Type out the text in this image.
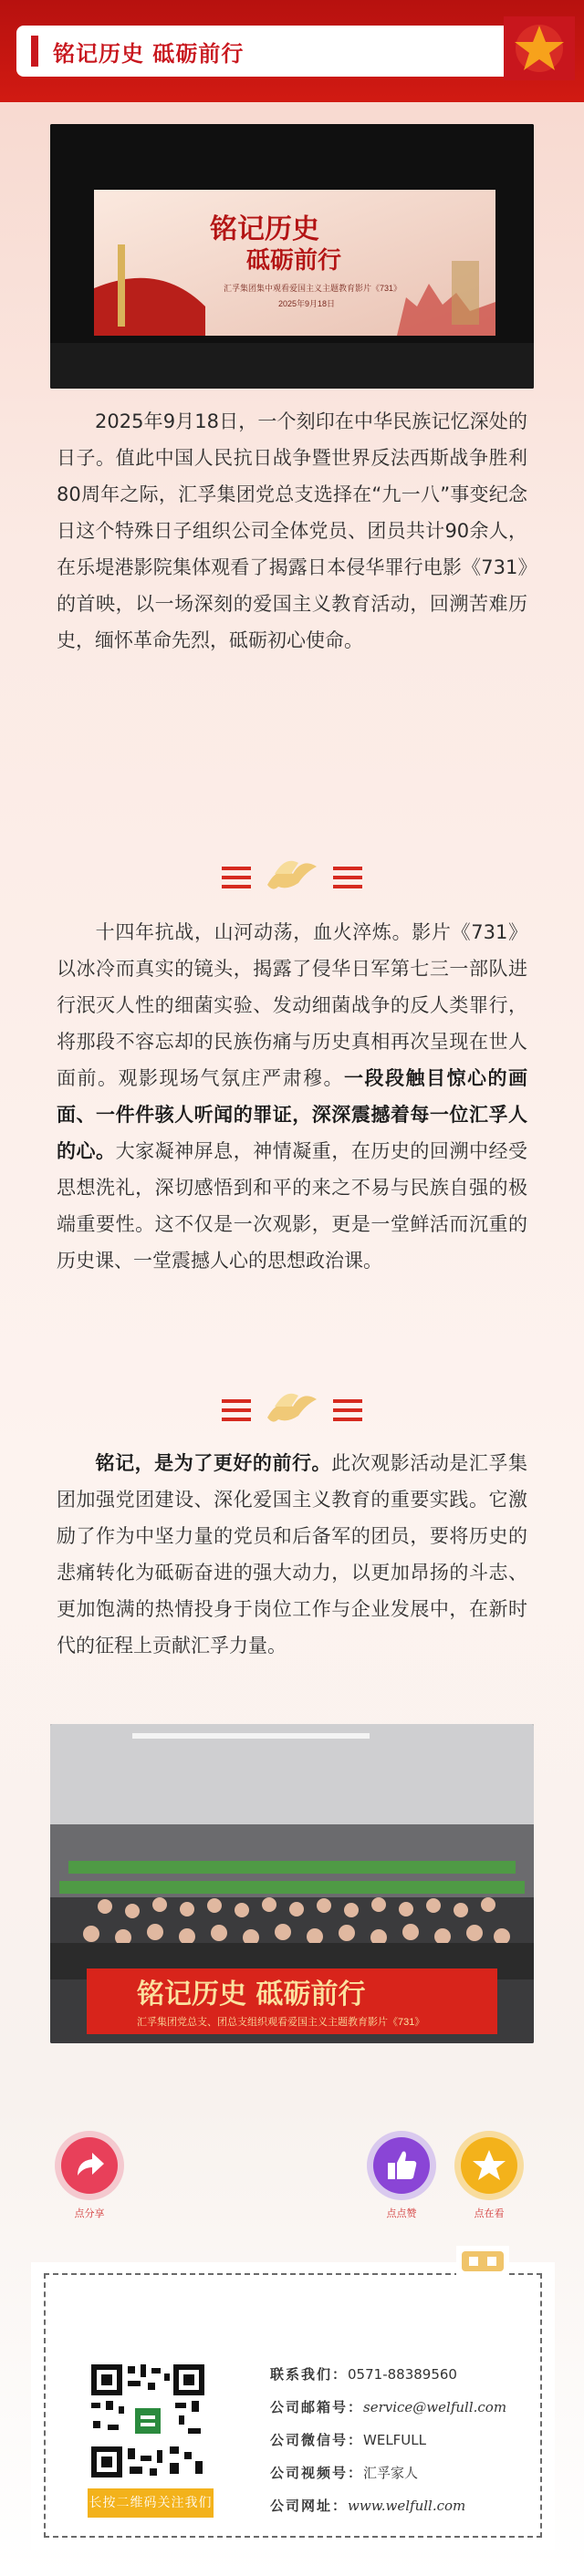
铭记历史 砥砺前行
铭记历史
砥砺前行
汇孚集团集中观看爱国主义主题教育影片《731》
2025年9月18日
2025年9月18日，一个刻印在中华民族记忆深处的日子。值此中国人民抗日战争暨世界反法西斯战争胜利80周年之际，汇孚集团党总支选择在“九一八”事变纪念日这个特殊日子组织公司全体党员、团员共计90余人，在乐堤港影院集体观看了揭露日本侵华罪行电影《731》的首映，以一场深刻的爱国主义教育活动，回溯苦难历史，缅怀革命先烈，砥砺初心使命。
十四年抗战，山河动荡，血火淬炼。影片《731》以冰冷而真实的镜头，揭露了侵华日军第七三一部队进行泯灭人性的细菌实验、发动细菌战争的反人类罪行，将那段不容忘却的民族伤痛与历史真相再次呈现在世人面前。观影现场气氛庄严肃穆。一段段触目惊心的画面、一件件骇人听闻的罪证，深深震撼着每一位汇孚人的心。大家凝神屏息，神情凝重，在历史的回溯中经受思想洗礼，深切感悟到和平的来之不易与民族自强的极端重要性。这不仅是一次观影，更是一堂鲜活而沉重的历史课、一堂震撼人心的思想政治课。
铭记，是为了更好的前行。此次观影活动是汇孚集团加强党团建设、深化爱国主义教育的重要实践。它激励了作为中坚力量的党员和后备军的团员，要将历史的悲痛转化为砥砺奋进的强大动力，以更加昂扬的斗志、更加饱满的热情投身于岗位工作与企业发展中，在新时代的征程上贡献汇孚力量。
铭记历史 砥砺前行
汇孚集团党总支、团总支组织观看爱国主义主题教育影片《731》
点分享	点点赞	点在看
长按二维码关注我们
联系我们：0571-88389560
公司邮箱号：service@welfull.com
公司微信号：WELFULL
公司视频号：汇孚家人
公司网址：www.welfull.com
